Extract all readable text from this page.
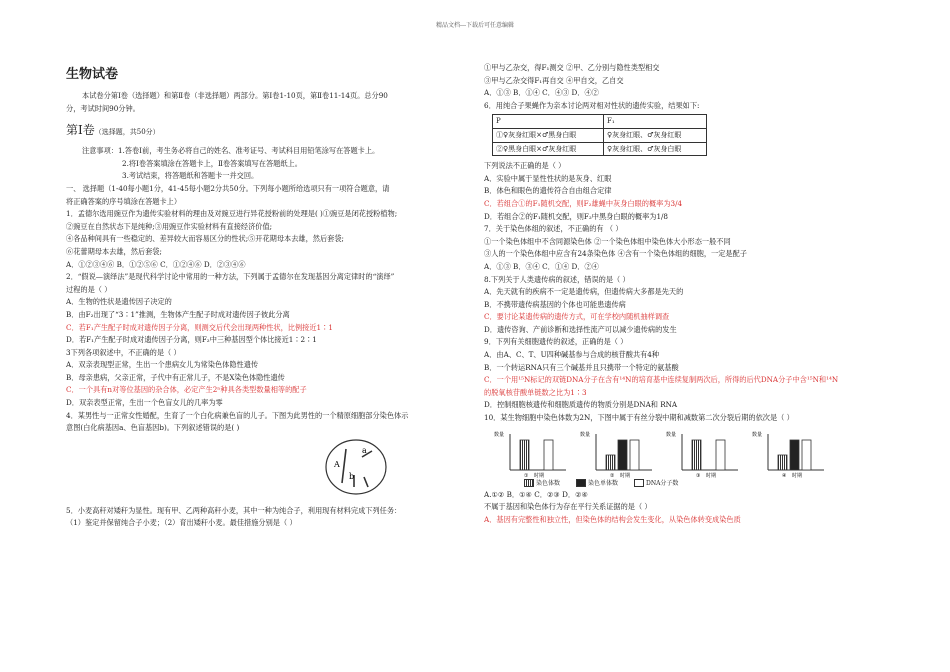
精品文档---下载后可任意编辑
生物试卷
本试卷分第Ⅰ卷（选择题）和第Ⅱ卷（非选择题）两部分。第Ⅰ卷1-10页，第Ⅱ卷11-14页。总分90
分，考试时间90分钟。
第Ⅰ卷（选择题，共50分）
注意事项：1.答卷Ⅰ前，考生务必将自己的姓名、准考证号、考试科目用铅笔涂写在答题卡上。
2.将Ⅰ卷答案填涂在答题卡上，Ⅱ卷答案填写在答题纸上。
3.考试结束，将答题纸和答题卡一并交回。
一、 选择题（1-40每小题1分，41-45每小题2分共50分。下列每小题所给选项只有一项符合题意，请
将正确答案的序号填涂在答题卡上）
1．孟德尔选用豌豆作为遗传实验材料的理由及对豌豆进行异花授粉前的处理是( )①豌豆是闭花授粉植物;
②豌豆在自然状态下是纯种;③用豌豆作实验材料有直接经济价值;
④各品种间具有一些稳定的、差异较大而容易区分的性状;⑤开花期母本去雄，然后套袋;
⑥花蕾期母本去雄，然后套袋;
A．①②③④⑥ B．①②⑤⑥ C．①②④⑥ D．②③④⑥
2．“假说—演绎法”是现代科学讨论中常用的一种方法，下列属于孟德尔在发现基因分离定律时的“演绎”
过程的是（ ）
A．生物的性状是遗传因子决定的
B．由F₂出现了“3∶1”推测，生物体产生配子时成对遗传因子彼此分离
C．若F₁产生配子时成对遗传因子分离，则测交后代会出现两种性状，比例接近1∶1
D．若F₁产生配子时成对遗传因子分离，则F₂中三种基因型个体比接近1∶2∶1
3下列各项叙述中，不正确的是（ ）
A．双亲表现型正常，生出一个患病女儿为常染色体隐性遗传
B．母亲患病，父亲正常，子代中有正常儿子，不是X染色体隐性遗传
C．一个具有n对等位基因的杂合体，必定产生2ⁿ种具各类型数量相等的配子
D．双亲表型正常，生出一个色盲女儿的几率为零
4．某男性与一正常女性婚配，生育了一个白化病兼色盲的儿子。下图为此男性的一个精原细胞部分染色体示
意图(白化病基因a、色盲基因b)。下列叙述错误的是( )
A
a
b
5．小麦高秆对矮秆为显性。现有甲、乙两种高秆小麦，其中一种为纯合子，利用现有材料完成下列任务：
（1）鉴定并保留纯合子小麦；（2）育出矮秆小麦。最佳措施分别是（ ）
①甲与乙杂交，得F₁测交 ②甲、乙分别与隐性类型相交
③甲与乙杂交得F₁再自交 ④甲自交，乙自交
A．①③ B．①④ C．④③ D．④②
6．用纯合子果蝇作为亲本讨论两对相对性状的遗传实验，结果如下:
P	F₁
①♀灰身红眼×♂黑身白眼	♀灰身红眼、♂灰身红眼
②♀黑身白眼×♂灰身红眼	♀灰身红眼、♂灰身白眼
下列说法不正确的是（ ）
A．实验中属于显性性状的是灰身、红眼
B．体色和眼色的遗传符合自由组合定律
C．若组合①的F₁随机交配，则F₂雄蝇中灰身白眼的概率为3/4
D．若组合②的F₁随机交配，则F₂中黑身白眼的概率为1/8
7．关于染色体组的叙述，不正确的有 （ ）
①一个染色体组中不含同源染色体 ②一个染色体组中染色体大小形态一般不同
③人的一个染色体组中应含有24条染色体 ④含有一个染色体组的细胞，一定是配子
A．①③ B．③④ C．①④ D．②④
8.下列关于人类遗传病的叙述，错误的是（ ）
A．先天就有的疾病不一定是遗传病，但遗传病大多都是先天的
B．不携带遗传病基因的个体也可能患遗传病
C．要讨论某遗传病的遗传方式，可在学校内随机抽样调查
D．遗传咨询、产前诊断和选择性流产可以减少遗传病的发生
9．下列有关细胞遗传的叙述，正确的是（ ）
A．由A、C、T、U四种碱基参与合成的核苷酸共有4种
B．一个转运RNA只有三个碱基并且只携带一个特定的氨基酸
C．一个用¹⁵N标记的双链DNA分子在含有¹⁴N的培育基中连续复制两次后，所得的后代DNA分子中含¹⁵N和¹⁴N
的脱氧核苷酸单链数之比为1∶3
D．控制细胞核遗传和细胞质遗传的物质分别是DNA和 RNA
10．某生物细胞中染色体数为2N，下图中属于有丝分裂中期和减数第二次分裂后期的依次是（ ）
数量
时期
①
数量
时期
②
数量
时期
③
数量
时期
④
染色体数	染色单体数	DNA分子数
A.①② B．①④ C．②③ D．②④
不属于基因和染色体行为存在平行关系证据的是（ ）
A．基因有完整性和独立性，但染色体的结构会发生变化，从染色体转变成染色质
